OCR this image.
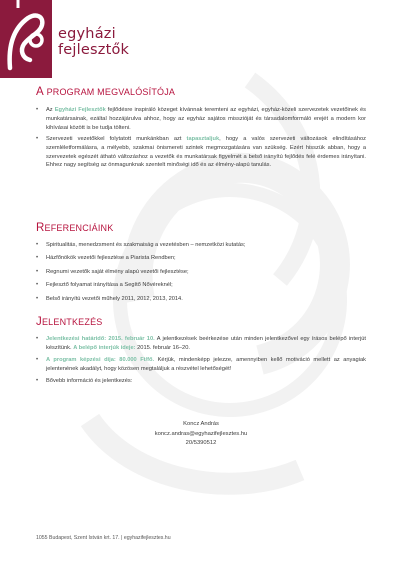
egyházi
fejlesztők
A PROGRAM MEGVALÓSÍTÓJA
• Az Egyházi Fejlesztők fejlődésre inspiráló közeget kívánnak teremteni az egyházi, egyház-közeli szervezetek vezetőinek és munkatársainak, ezáltal hozzájárulva ahhoz, hogy az egyház sajátos misszióját és társadalomformáló erejét a modern kor kihívásai között is be tudja tölteni.
• Szervezeti vezetőkkel folytatott munkánkban azt tapasztaljuk, hogy a valós szervezeti változások elindításához szemléletformálásra, a mélyebb, szakmai önismereti szintek megmozgatására van szükség. Ezért hisszük abban, hogy a szervezetek egészét átható változáshoz a vezetők és munkatársak figyelmét a belső irányítú fejlődés felé érdemes irányítani. Ehhez nagy segítség az önmagunknak szentelt minőségi idő és az élmény-alapú tanulás.
REFERENCIÁINK
• Spiritualitás, menedzsment és szakmaiság a vezetésben – nemzetközi kutatás;
• Házfőnökök vezetői fejlesztése a Piarista Rendben;
• Regnumi vezetők saját élmény alapú vezetői fejlesztése;
• Fejlesztő folyamat irányítása a Segítő Nővéreknél;
• Belső irányítú vezetői műhely 2011, 2012, 2013, 2014.
JELENTKEZÉS
• Jelentkezési határidő: 2015. február 10. A jelentkezések beérkezése után minden jelentkezővel egy írásos belépő interjút készítünk. A belépő interjúk ideje: 2015. február 16–20.
• A program képzési díja: 80.000 Ft/fő. Kérjük, mindenképp jelezze, amennyiben kellő motiváció mellett az anyagiak jelentenének akadályt, hogy közösen megtaláljuk a részvétel lehetőségét!
• Bővebb információ és jelentkezés:
Koncz András
koncz.andras@egyhazifejlesztes.hu
20/5390512
1055 Budapest, Szent István krt. 17. | egyhazifejlesztes.hu
